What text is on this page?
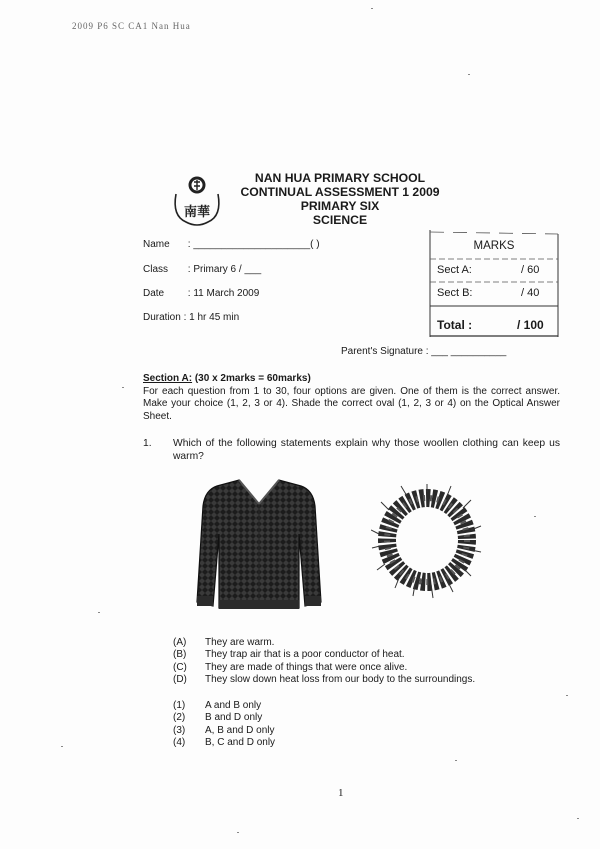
2009 P6 SC CA1 Nan Hua
南華
NAN HUA PRIMARY SCHOOL
CONTINUAL ASSESSMENT 1 2009
PRIMARY SIX
SCIENCE
Name : _____________________( )
Class : Primary 6 / ___
Date : 11 March 2009
Duration : 1 hr 45 min
MARKS
Sect A:	/ 60
Sect B:	/ 40
Total :	/ 100
Parent's Signature : ___ __________
Section A: (30 x 2marks = 60marks)
For each question from 1 to 30, four options are given. One of them is the correct answer. Make your choice (1, 2, 3 or 4). Shade the correct oval (1, 2, 3 or 4) on the Optical Answer Sheet.
1. Which of the following statements explain why those woollen clothing can keep us warm?
(A) They are warm.
(B) They trap air that is a poor conductor of heat.
(C) They are made of things that were once alive.
(D) They slow down heat loss from our body to the surroundings.
(1) A and B only
(2) B and D only
(3) A, B and D only
(4) B, C and D only
1
